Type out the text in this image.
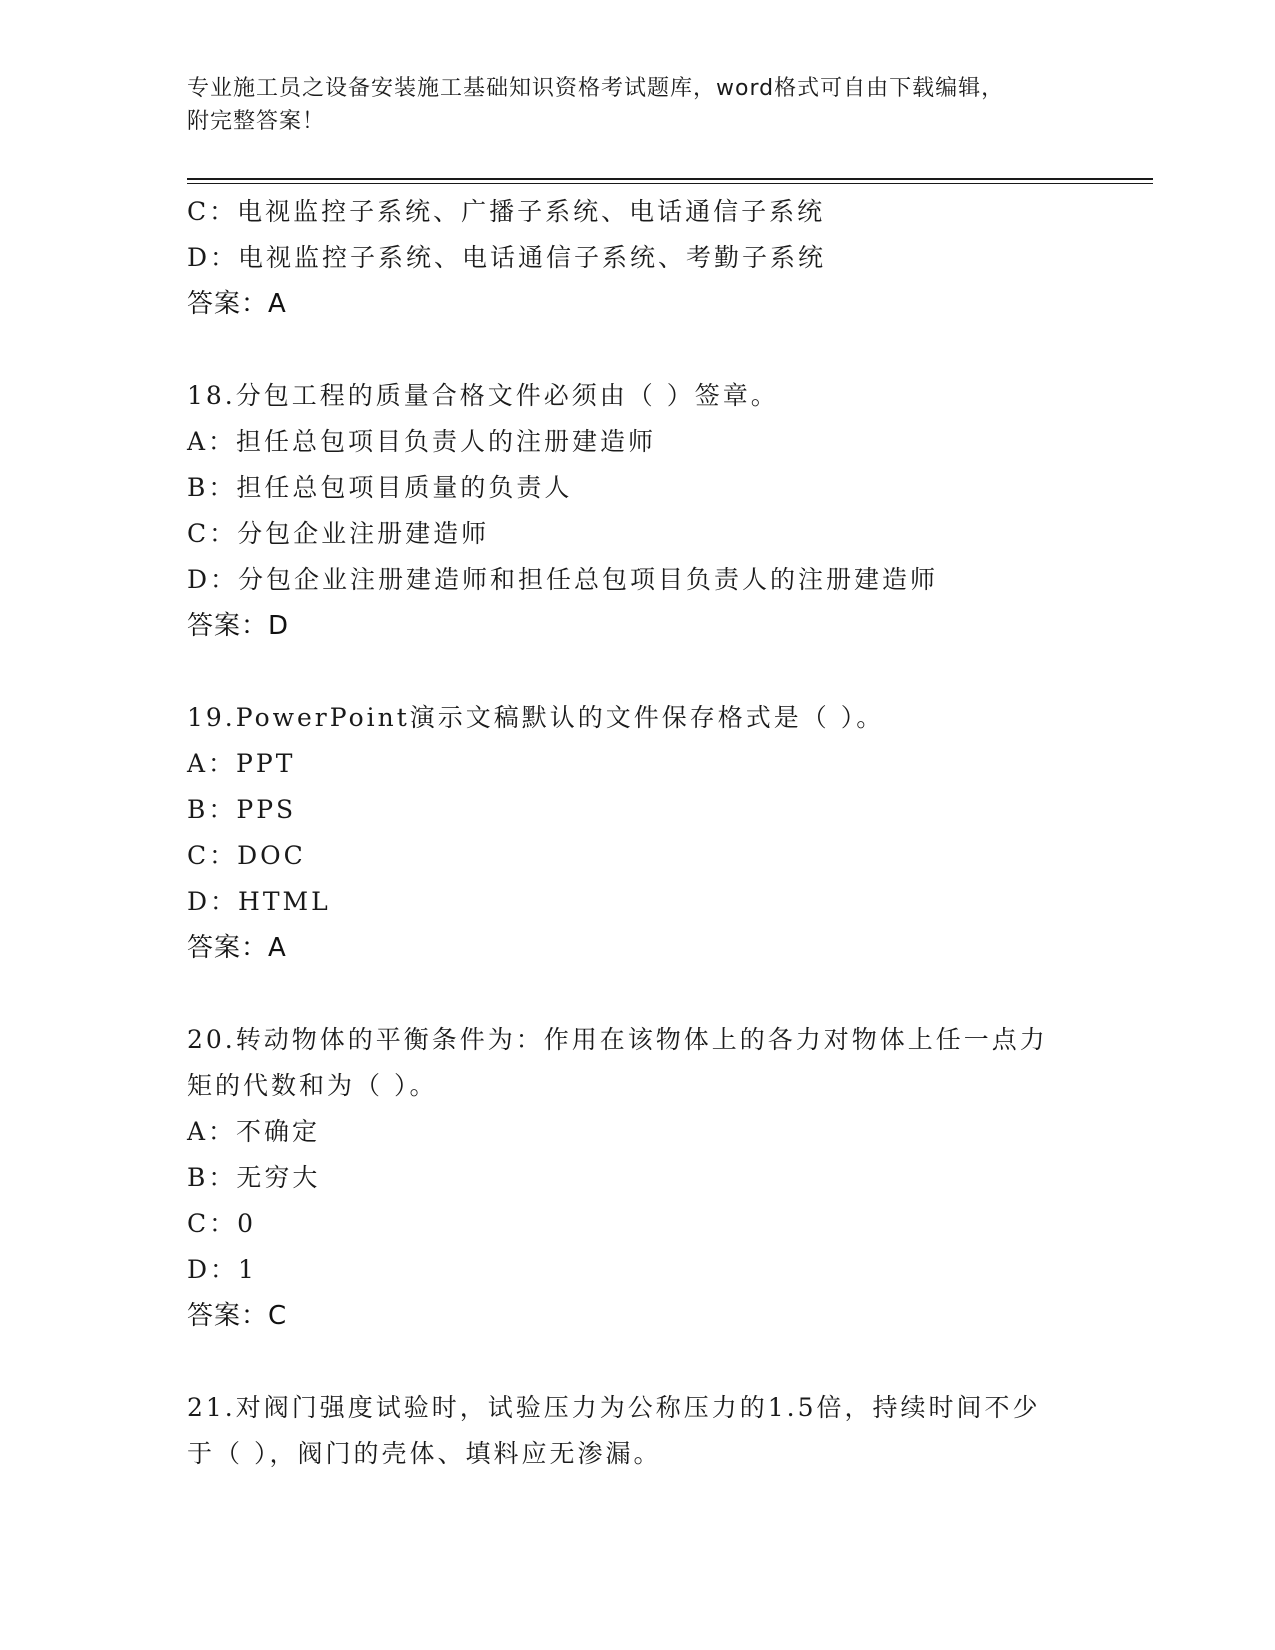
专业施工员之设备安装施工基础知识资格考试题库，word格式可自由下载编辑，
附完整答案！
C：电视监控子系统、广播子系统、电话通信子系统
D：电视监控子系统、电话通信子系统、考勤子系统
答案：A
18.分包工程的质量合格文件必须由（ ）签章。
A：担任总包项目负责人的注册建造师
B：担任总包项目质量的负责人
C：分包企业注册建造师
D：分包企业注册建造师和担任总包项目负责人的注册建造师
答案：D
19.PowerPoint演示文稿默认的文件保存格式是（ ）。
A：PPT
B：PPS
C：DOC
D：HTML
答案：A
20.转动物体的平衡条件为：作用在该物体上的各力对物体上任一点力
矩的代数和为（ ）。
A：不确定
B：无穷大
C：0
D：1
答案：C
21.对阀门强度试验时，试验压力为公称压力的1.5倍，持续时间不少
于（ ），阀门的壳体、填料应无渗漏。
